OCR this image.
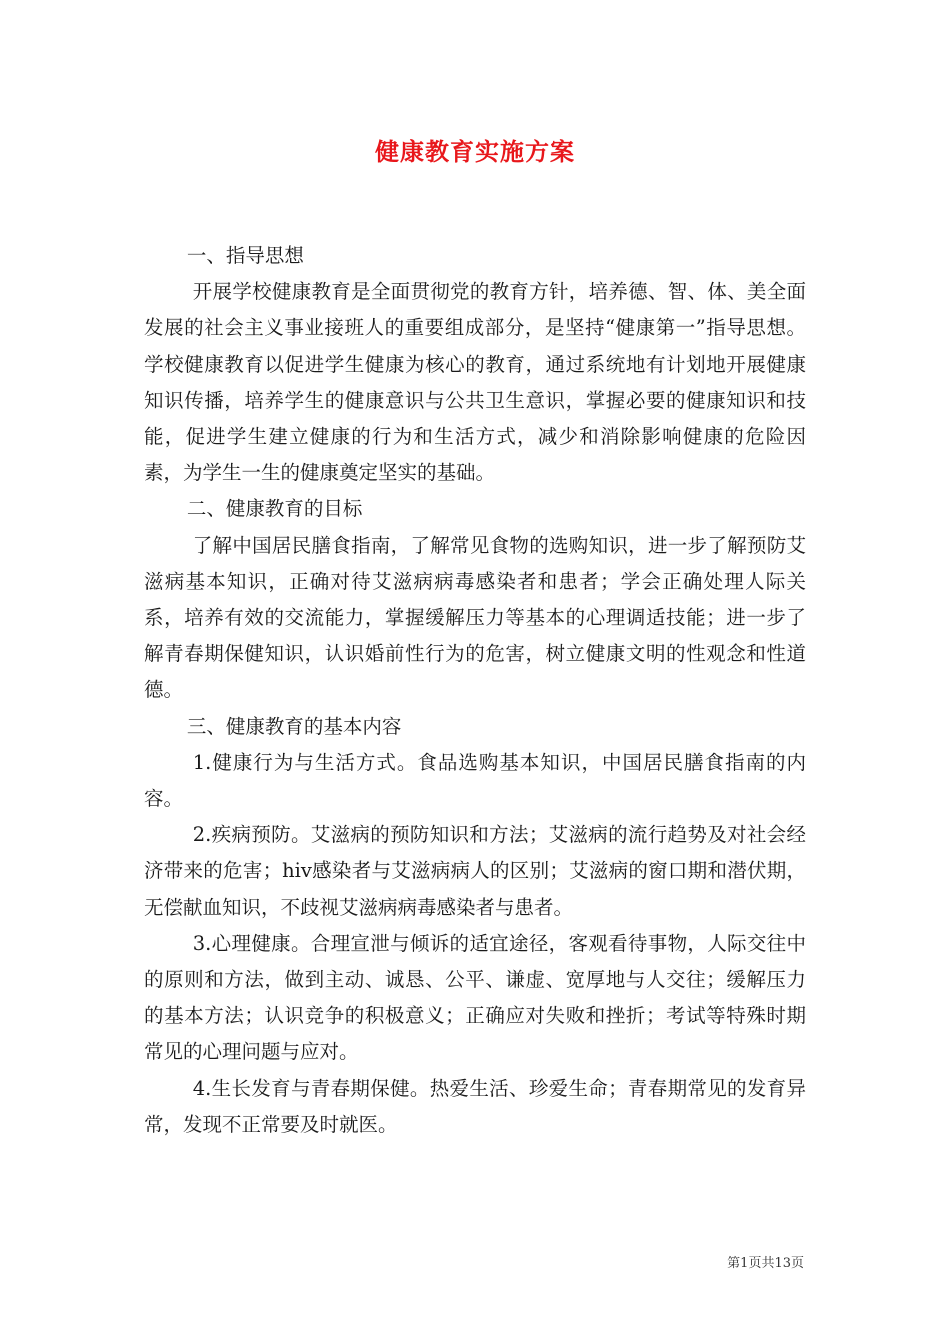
健康教育实施方案

一、指导思想

开展学校健康教育是全面贯彻党的教育方针，培养德、智、体、美全面发展的社会主义事业接班人的重要组成部分，是坚持“健康第一”指导思想。学校健康教育以促进学生健康为核心的教育，通过系统地有计划地开展健康知识传播，培养学生的健康意识与公共卫生意识，掌握必要的健康知识和技能，促进学生建立健康的行为和生活方式，减少和消除影响健康的危险因素，为学生一生的健康奠定坚实的基础。

二、健康教育的目标

了解中国居民膳食指南，了解常见食物的选购知识，进一步了解预防艾滋病基本知识，正确对待艾滋病病毒感染者和患者；学会正确处理人际关系，培养有效的交流能力，掌握缓解压力等基本的心理调适技能；进一步了解青春期保健知识，认识婚前性行为的危害，树立健康文明的性观念和性道德。

三、健康教育的基本内容

1.健康行为与生活方式。食品选购基本知识，中国居民膳食指南的内容。

2.疾病预防。艾滋病的预防知识和方法；艾滋病的流行趋势及对社会经济带来的危害；hiv感染者与艾滋病病人的区别；艾滋病的窗口期和潜伏期，无偿献血知识，不歧视艾滋病病毒感染者与患者。

3.心理健康。合理宣泄与倾诉的适宜途径，客观看待事物，人际交往中的原则和方法，做到主动、诚恳、公平、谦虚、宽厚地与人交往；缓解压力的基本方法；认识竞争的积极意义；正确应对失败和挫折；考试等特殊时期常见的心理问题与应对。

4.生长发育与青春期保健。热爱生活、珍爱生命；青春期常见的发育异常，发现不正常要及时就医。

第1页共13页
